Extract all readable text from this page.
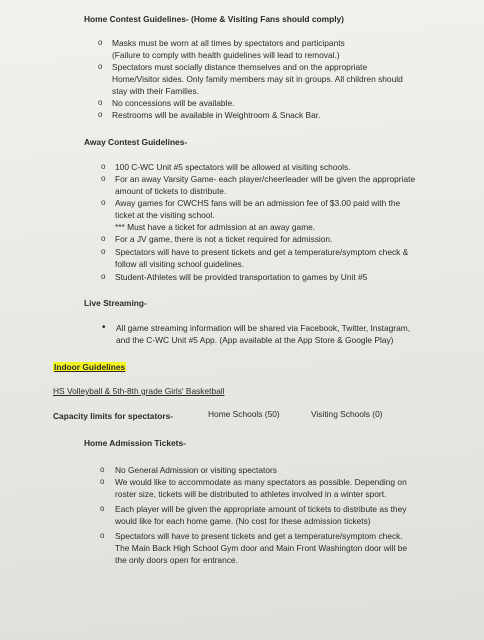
Home Contest Guidelines- (Home & Visiting Fans should comply)
o Masks must be worn at all times by spectators and participants
(Failure to comply with health guidelines will lead to removal.)
o Spectators must socially distance themselves and on the appropriate
Home/Visitor sides. Only family members may sit in groups. All children should
stay with their Families.
o No concessions will be available.
o Restrooms will be available in Weightroom & Snack Bar.
Away Contest Guidelines-
o 100 C-WC Unit #5 spectators will be allowed at visiting schools.
o For an away Varsity Game- each player/cheerleader will be given the appropriate
amount of tickets to distribute.
o Away games for CWCHS fans will be an admission fee of $3.00 paid with the
ticket at the visiting school.
*** Must have a ticket for admission at an away game.
o For a JV game, there is not a ticket required for admission.
o Spectators will have to present tickets and get a temperature/symptom check &
follow all visiting school guidelines.
o Student-Athletes will be provided transportation to games by Unit #5
Live Streaming-
• All game streaming information will be shared via Facebook, Twitter, Instagram,
and the C-WC Unit #5 App. (App available at the App Store & Google Play)
Indoor Guidelines
HS Volleyball & 5th-8th grade Girls' Basketball
Capacity limits for spectators-	Home Schools (50)	Visiting Schools (0)
Home Admission Tickets-
o No General Admission or visiting spectators
o We would like to accommodate as many spectators as possible. Depending on
roster size, tickets will be distributed to athletes involved in a winter sport.
o Each player will be given the appropriate amount of tickets to distribute as they
would like for each home game. (No cost for these admission tickets)
o Spectators will have to present tickets and get a temperature/symptom check.
The Main Back High School Gym door and Main Front Washington door will be
the only doors open for entrance.
